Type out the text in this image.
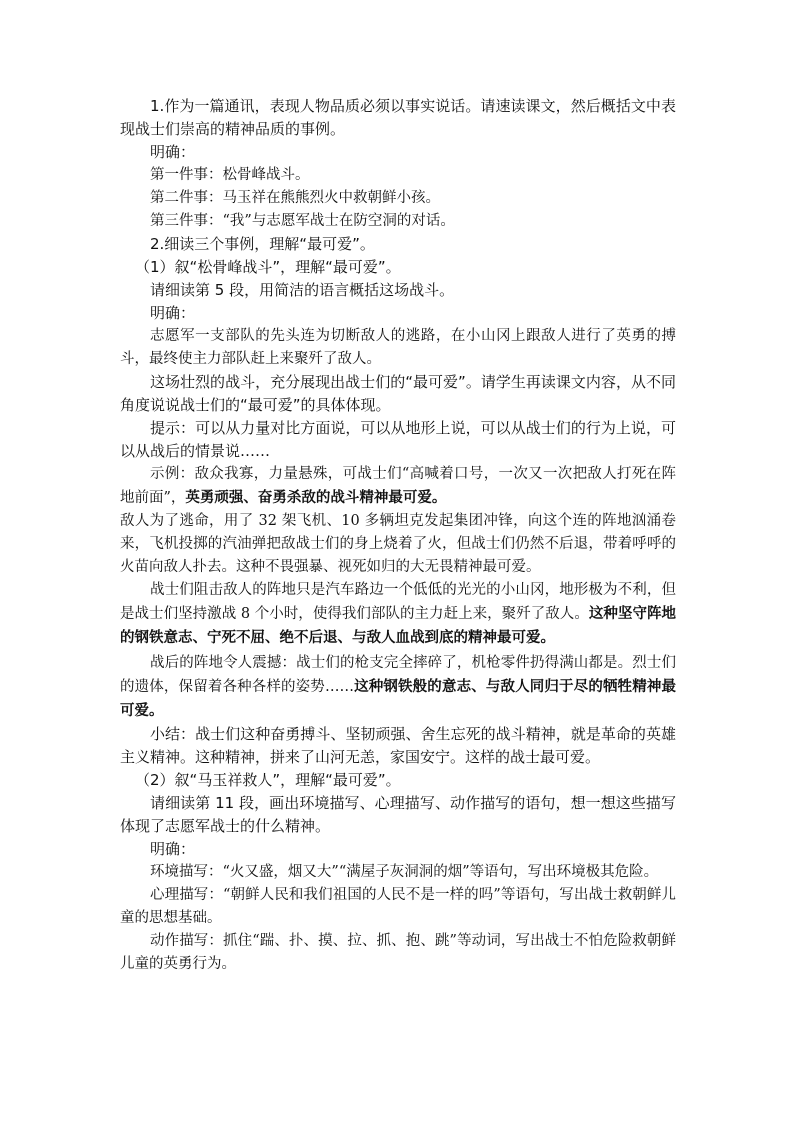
1.作为一篇通讯，表现人物品质必须以事实说话。请速读课文，然后概括文中表现战士们崇高的精神品质的事例。

明确：

第一件事：松骨峰战斗。

第二件事：马玉祥在熊熊烈火中救朝鲜小孩。

第三件事：“我”与志愿军战士在防空洞的对话。

2.细读三个事例，理解“最可爱”。

（1）叙“松骨峰战斗”，理解“最可爱”。

请细读第 5 段，用简洁的语言概括这场战斗。

明确：

志愿军一支部队的先头连为切断敌人的逃路，在小山冈上跟敌人进行了英勇的搏斗，最终使主力部队赶上来聚歼了敌人。

这场壮烈的战斗，充分展现出战士们的“最可爱”。请学生再读课文内容，从不同角度说说战士们的“最可爱”的具体体现。

提示：可以从力量对比方面说，可以从地形上说，可以从战士们的行为上说，可以从战后的情景说……

示例：敌众我寡，力量悬殊，可战士们“高喊着口号，一次又一次把敌人打死在阵地前面”，英勇顽强、奋勇杀敌的战斗精神最可爱。

敌人为了逃命，用了 32 架飞机、10 多辆坦克发起集团冲锋，向这个连的阵地汹涌卷来，飞机投掷的汽油弹把敌战士们的身上烧着了火，但战士们仍然不后退，带着呼呼的火苗向敌人扑去。这种不畏强暴、视死如归的大无畏精神最可爱。

战士们阻击敌人的阵地只是汽车路边一个低低的光光的小山冈，地形极为不利，但是战士们坚持激战 8 个小时，使得我们部队的主力赶上来，聚歼了敌人。这种坚守阵地的钢铁意志、宁死不屈、绝不后退、与敌人血战到底的精神最可爱。

战后的阵地令人震撼：战士们的枪支完全摔碎了，机枪零件扔得满山都是。烈士们的遗体，保留着各种各样的姿势……这种钢铁般的意志、与敌人同归于尽的牺牲精神最可爱。

小结：战士们这种奋勇搏斗、坚韧顽强、舍生忘死的战斗精神，就是革命的英雄主义精神。这种精神，拼来了山河无恙，家国安宁。这样的战士最可爱。

（2）叙“马玉祥救人”，理解“最可爱”。

请细读第 11 段，画出环境描写、心理描写、动作描写的语句，想一想这些描写体现了志愿军战士的什么精神。

明确：

环境描写：“火又盛，烟又大”“满屋子灰洞洞的烟”等语句，写出环境极其危险。

心理描写：“朝鲜人民和我们祖国的人民不是一样的吗”等语句，写出战士救朝鲜儿童的思想基础。

动作描写：抓住“踹、扑、摸、拉、抓、抱、跳”等动词，写出战士不怕危险救朝鲜儿童的英勇行为。
